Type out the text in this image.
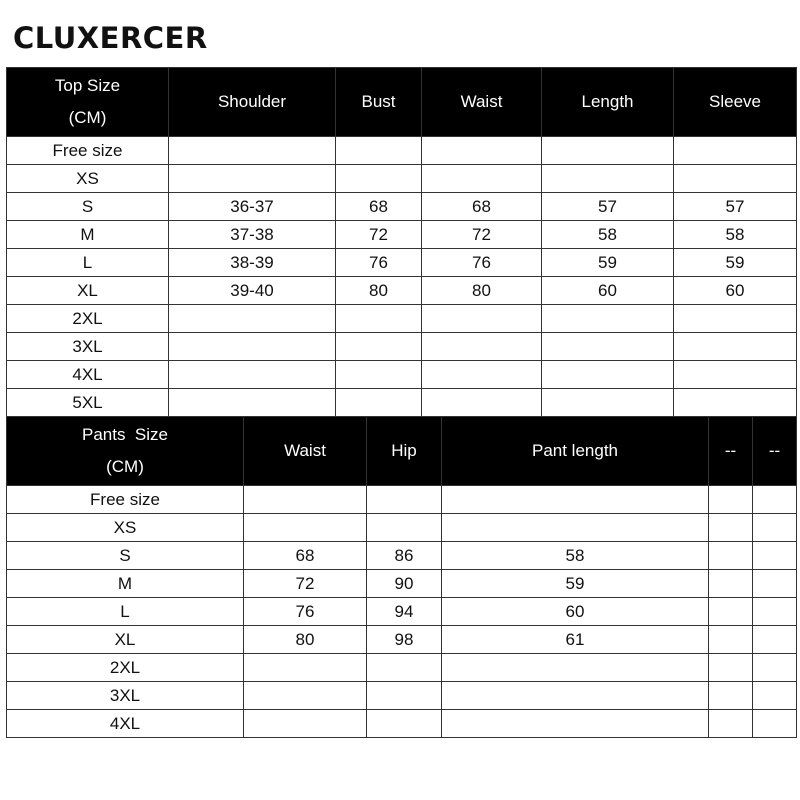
CLUXERCER
Top Size
(CM)	Shoulder	Bust	Waist	Length	Sleeve
Free size					
XS					
S	36-37	68	68	57	57
M	37-38	72	72	58	58
L	38-39	76	76	59	59
XL	39-40	80	80	60	60
2XL					
3XL					
4XL					
5XL					
Pants  Size
(CM)	Waist	Hip	Pant length	--	--
Free size					
XS					
S	68	86	58		
M	72	90	59		
L	76	94	60		
XL	80	98	61		
2XL					
3XL					
4XL					
